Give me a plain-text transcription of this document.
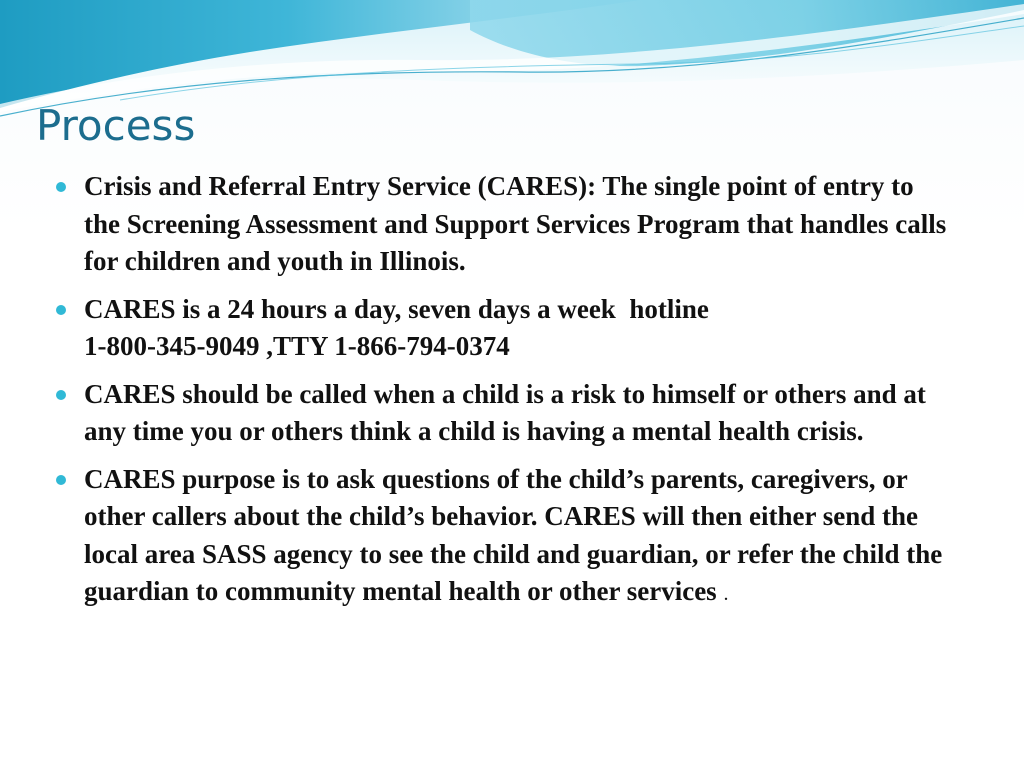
Process
Crisis and Referral Entry Service (CARES): The single point of entry to the Screening Assessment and Support Services Program that handles calls for children and youth in Illinois.
CARES is a 24 hours a day, seven days a week  hotline
1-800-345-9049 ,TTY 1-866-794-0374
CARES should be called when a child is a risk to himself or others and at any time you or others think a child is having a mental health crisis.
CARES purpose is to ask questions of the child’s parents, caregivers, or other callers about the child’s behavior. CARES will then either send the local area SASS agency to see the child and guardian, or refer the child the guardian to community mental health or other services .
